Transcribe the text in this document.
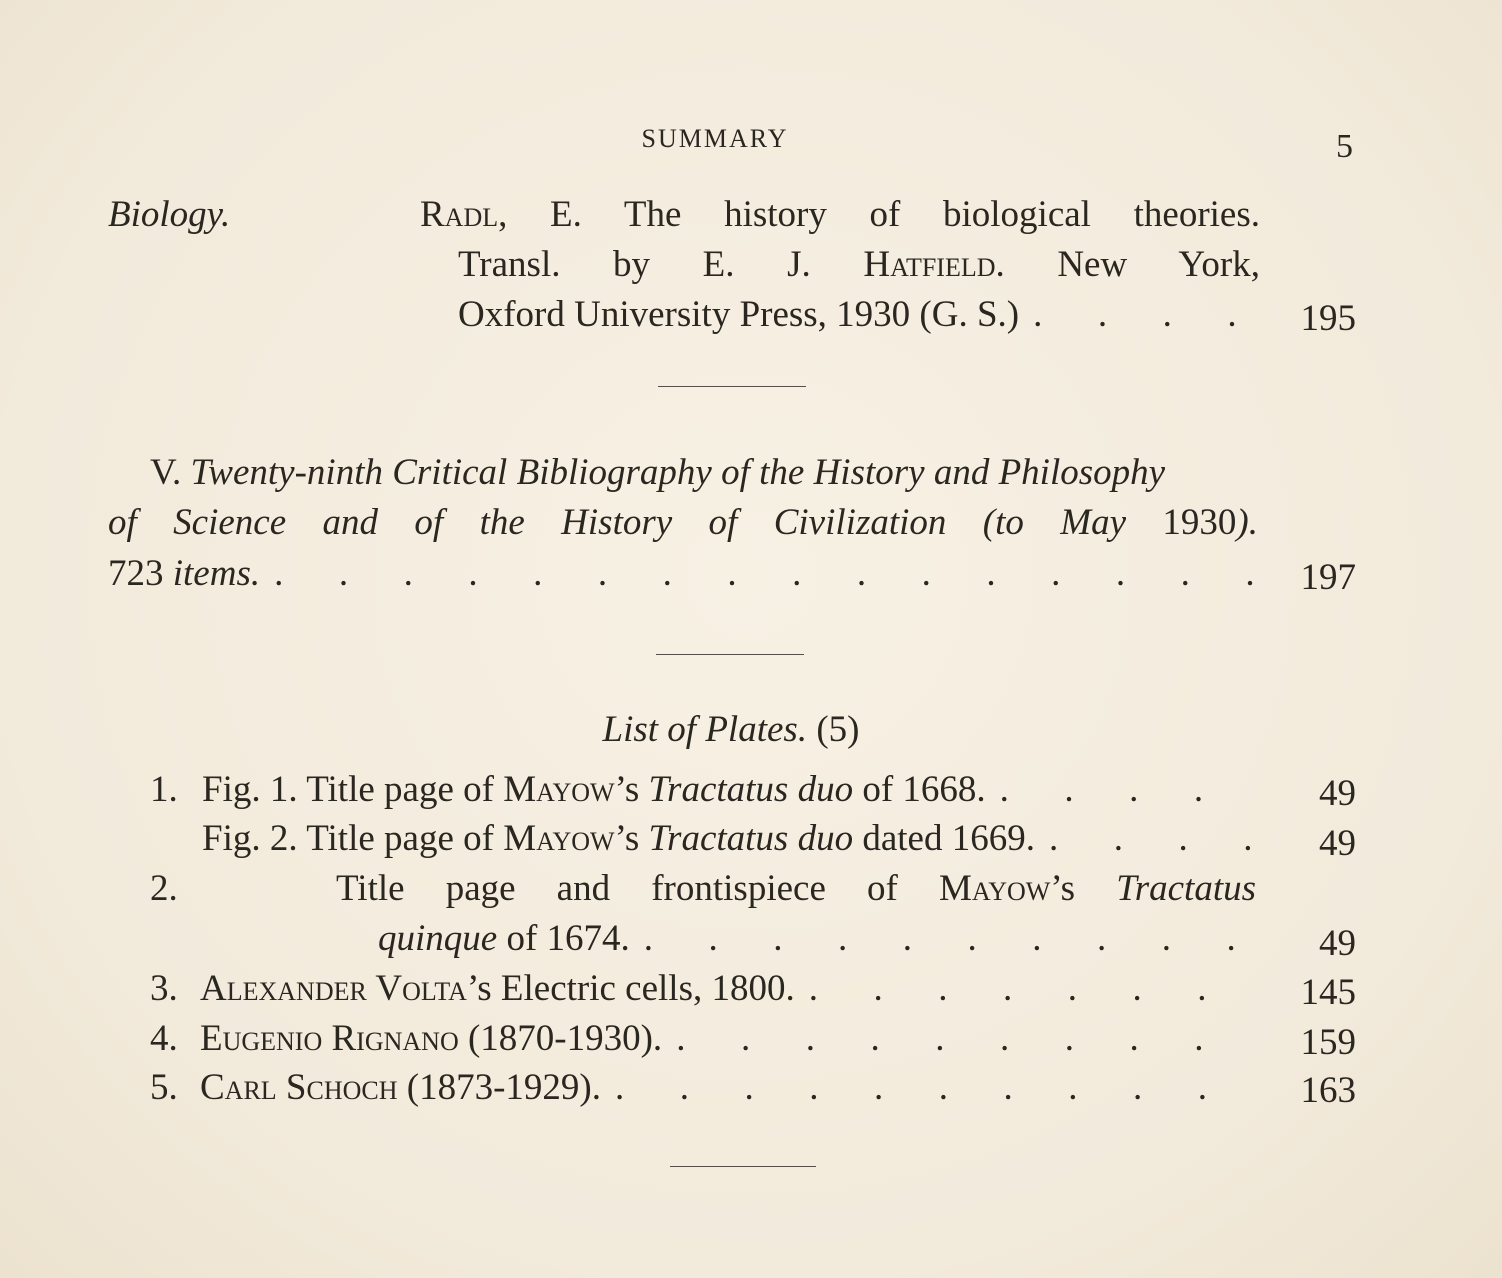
SUMMARY	5
Biology.	Radl, E. The history of biological theories.
Transl. by E. J. Hatfield. New York,
Oxford University Press, 1930 (G. S.) .	195
V. Twenty-ninth Critical Bibliography of the History and Philosophy
of Science and of the History of Civilization (to May 1930).
723 items. .	197
List of Plates. (5)
1. Fig. 1. Title page of Mayow’s Tractatus duo of 1668. .	49
Fig. 2. Title page of Mayow’s Tractatus duo dated 1669. .	49
2.	Title page and frontispiece of Mayow’s Tractatus
quinque of 1674. .	49
3. Alexander Volta’s Electric cells, 1800. .	145
4. Eugenio Rignano (1870-1930). .	159
5. Carl Schoch (1873-1929). .	163
